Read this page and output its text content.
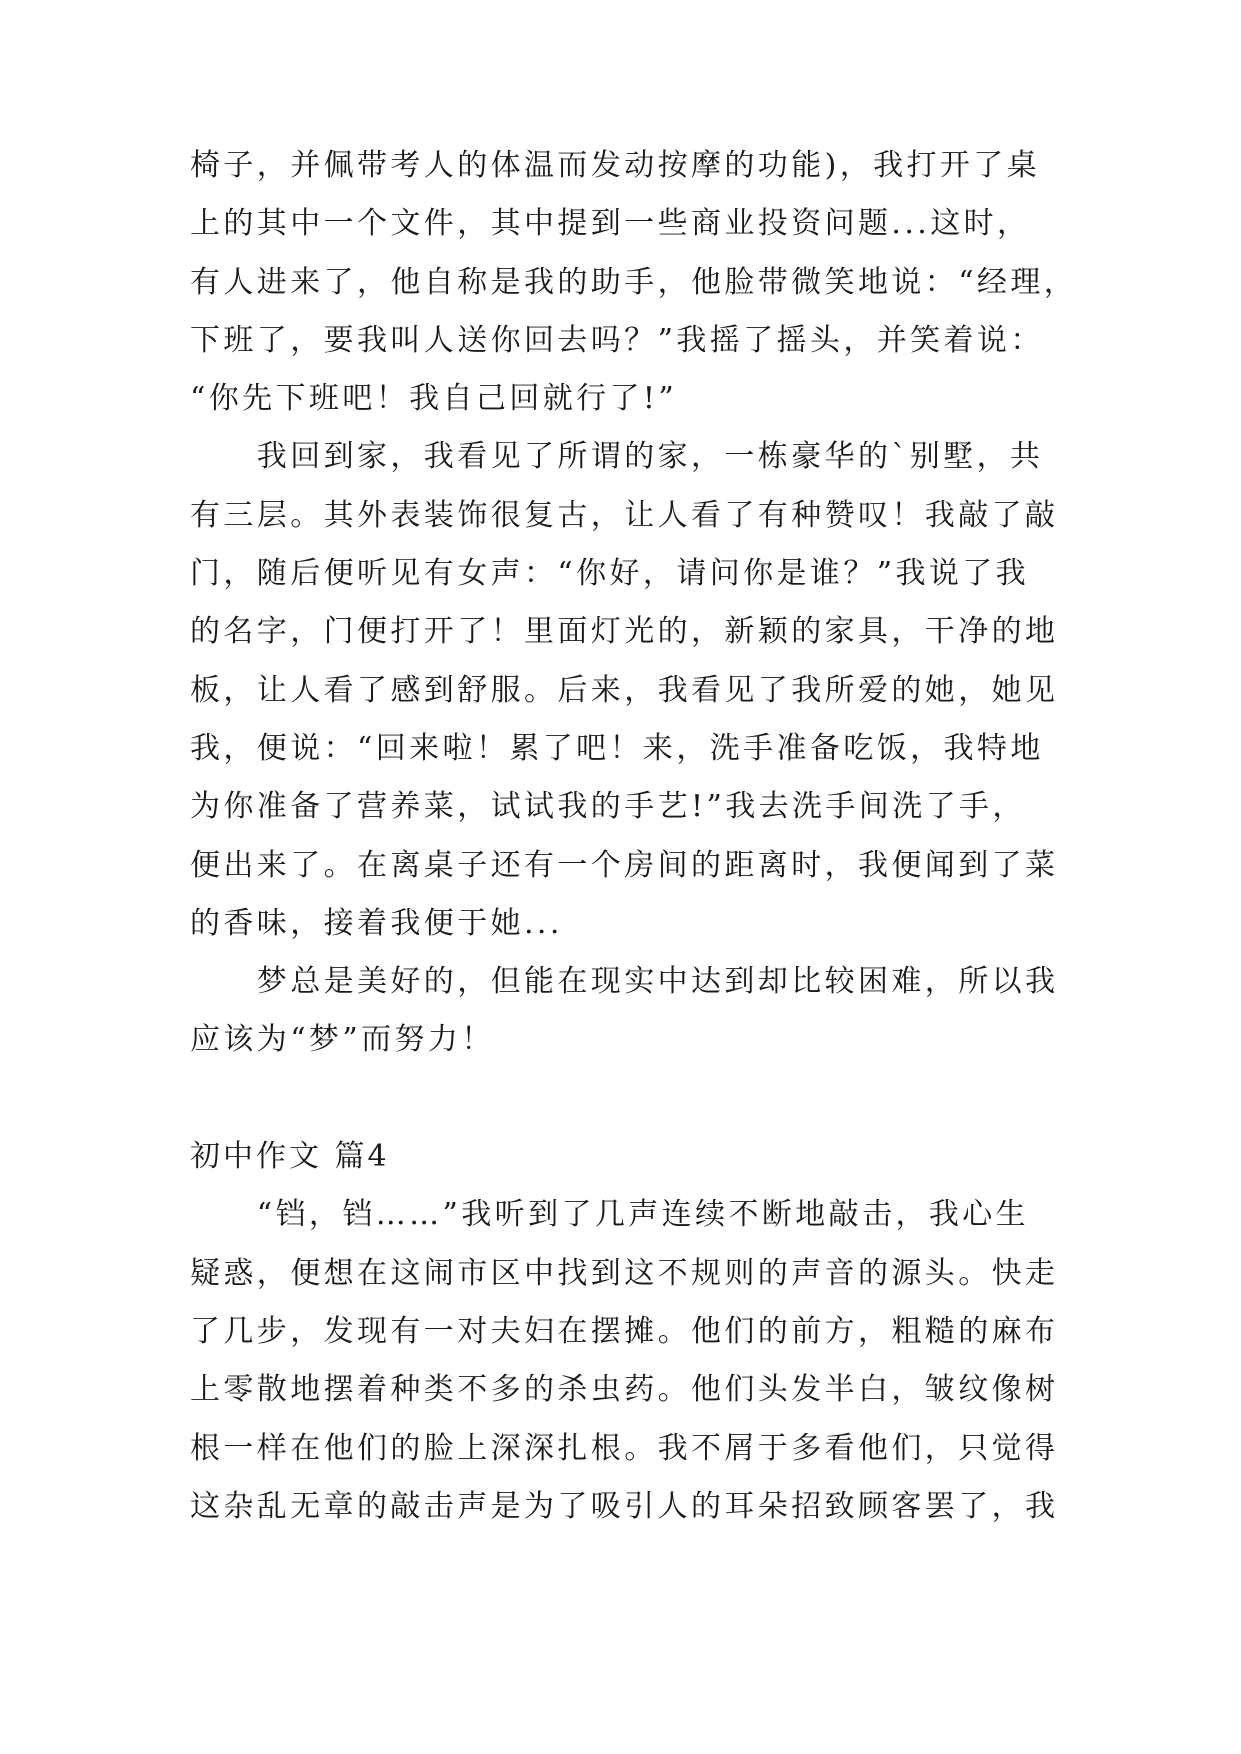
椅子，并佩带考人的体温而发动按摩的功能)，我打开了桌
上的其中一个文件，其中提到一些商业投资问题...这时，
有人进来了，他自称是我的助手，他脸带微笑地说：“经理，
下班了，要我叫人送你回去吗？”我摇了摇头，并笑着说：
“你先下班吧！我自己回就行了!”
　　我回到家，我看见了所谓的家，一栋豪华的`别墅，共
有三层。其外表装饰很复古，让人看了有种赞叹！我敲了敲
门，随后便听见有女声：“你好，请问你是谁？”我说了我
的名字，门便打开了！里面灯光的，新颖的家具，干净的地
板，让人看了感到舒服。后来，我看见了我所爱的她，她见
我，便说：“回来啦！累了吧！来，洗手准备吃饭，我特地
为你准备了营养菜，试试我的手艺!”我去洗手间洗了手，
便出来了。在离桌子还有一个房间的距离时，我便闻到了菜
的香味，接着我便于她...
　　梦总是美好的，但能在现实中达到却比较困难，所以我
应该为“梦”而努力！
初中作文 篇4
　　“铛，铛……”我听到了几声连续不断地敲击，我心生
疑惑，便想在这闹市区中找到这不规则的声音的源头。快走
了几步，发现有一对夫妇在摆摊。他们的前方，粗糙的麻布
上零散地摆着种类不多的杀虫药。他们头发半白，皱纹像树
根一样在他们的脸上深深扎根。我不屑于多看他们，只觉得
这杂乱无章的敲击声是为了吸引人的耳朵招致顾客罢了，我
